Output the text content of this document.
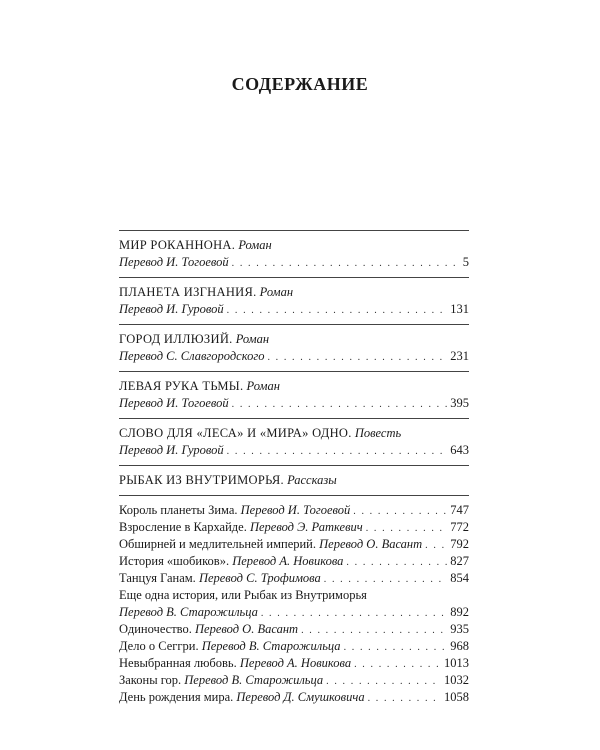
СОДЕРЖАНИЕ
МИР РОКАННОНА. Роман
Перевод И. Тогоевой . . .	5
ПЛАНЕТА ИЗГНАНИЯ. Роман
Перевод И. Гуровой . . .	131
ГОРОД ИЛЛЮЗИЙ. Роман
Перевод С. Славгородского . . .	231
ЛЕВАЯ РУКА ТЬМЫ. Роман
Перевод И. Тогоевой . . .	395
СЛОВО ДЛЯ «ЛЕСА» И «МИРА» ОДНО. Повесть
Перевод И. Гуровой . . .	643
РЫБАК ИЗ ВНУТРИМОРЬЯ. Рассказы
Король планеты Зима. Перевод И. Тогоевой . . .	747
Взросление в Кархайде. Перевод Э. Раткевич . . .	772
Обширней и медлительней империй. Перевод О. Васант . . . 792
История «шобиков». Перевод А. Новикова . . .	827
Танцуя Ганам. Перевод С. Трофимова . . .	854
Еще одна история, или Рыбак из Внутриморья
Перевод В. Старожильца . . .	892
Одиночество. Перевод О. Васант . . .	935
Дело о Сеггри. Перевод В. Старожильца . . .	968
Невыбранная любовь. Перевод А. Новикова . . .	1013
Законы гор. Перевод В. Старожильца . . .	1032
День рождения мира. Перевод Д. Смушковича . . .	1058
